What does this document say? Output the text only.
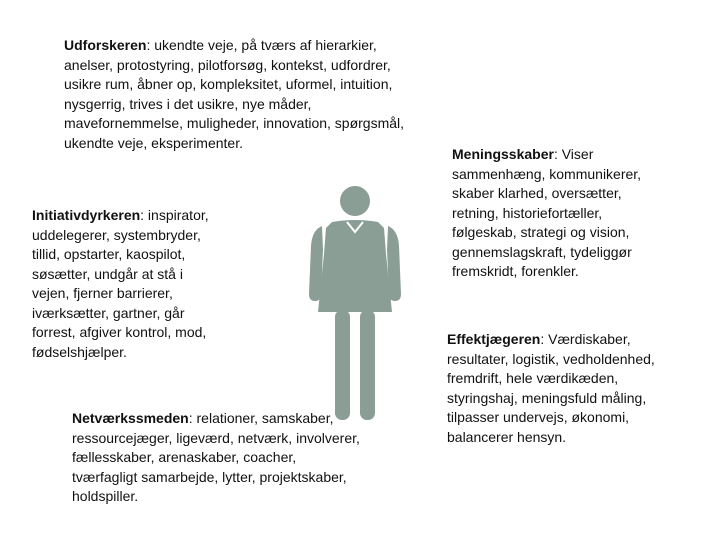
Udforskeren: ukendte veje, på tværs af hierarkier,
anelser, protostyring, pilotforsøg, kontekst, udfordrer,
usikre rum, åbner op, kompleksitet, uformel, intuition,
nysgerrig, trives i det usikre, nye måder,
mavefornemmelse, muligheder, innovation, spørgsmål,
ukendte veje, eksperimenter.
Meningsskaber: Viser
sammenhæng, kommunikerer,
skaber klarhed, oversætter,
retning, historiefortæller,
følgeskab, strategi og vision,
gennemslagskraft, tydeliggør
fremskridt, forenkler.
Initiativdyrkeren: inspirator,
uddelegerer, systembryder,
tillid, opstarter, kaospilot,
søsætter, undgår at stå i
vejen, fjerner barrierer,
iværksætter, gartner, går
forrest, afgiver kontrol, mod,
fødselshjælper.
Effektjægeren: Værdiskaber,
resultater, logistik, vedholdenhed,
fremdrift, hele værdikæden,
styringshaj, meningsfuld måling,
tilpasser undervejs, økonomi,
balancerer hensyn.
Netværkssmeden: relationer, samskaber,
ressourcejæger, ligeværd, netværk, involverer,
fællesskaber, arenaskaber, coacher,
tværfagligt samarbejde, lytter, projektskaber,
holdspiller.
